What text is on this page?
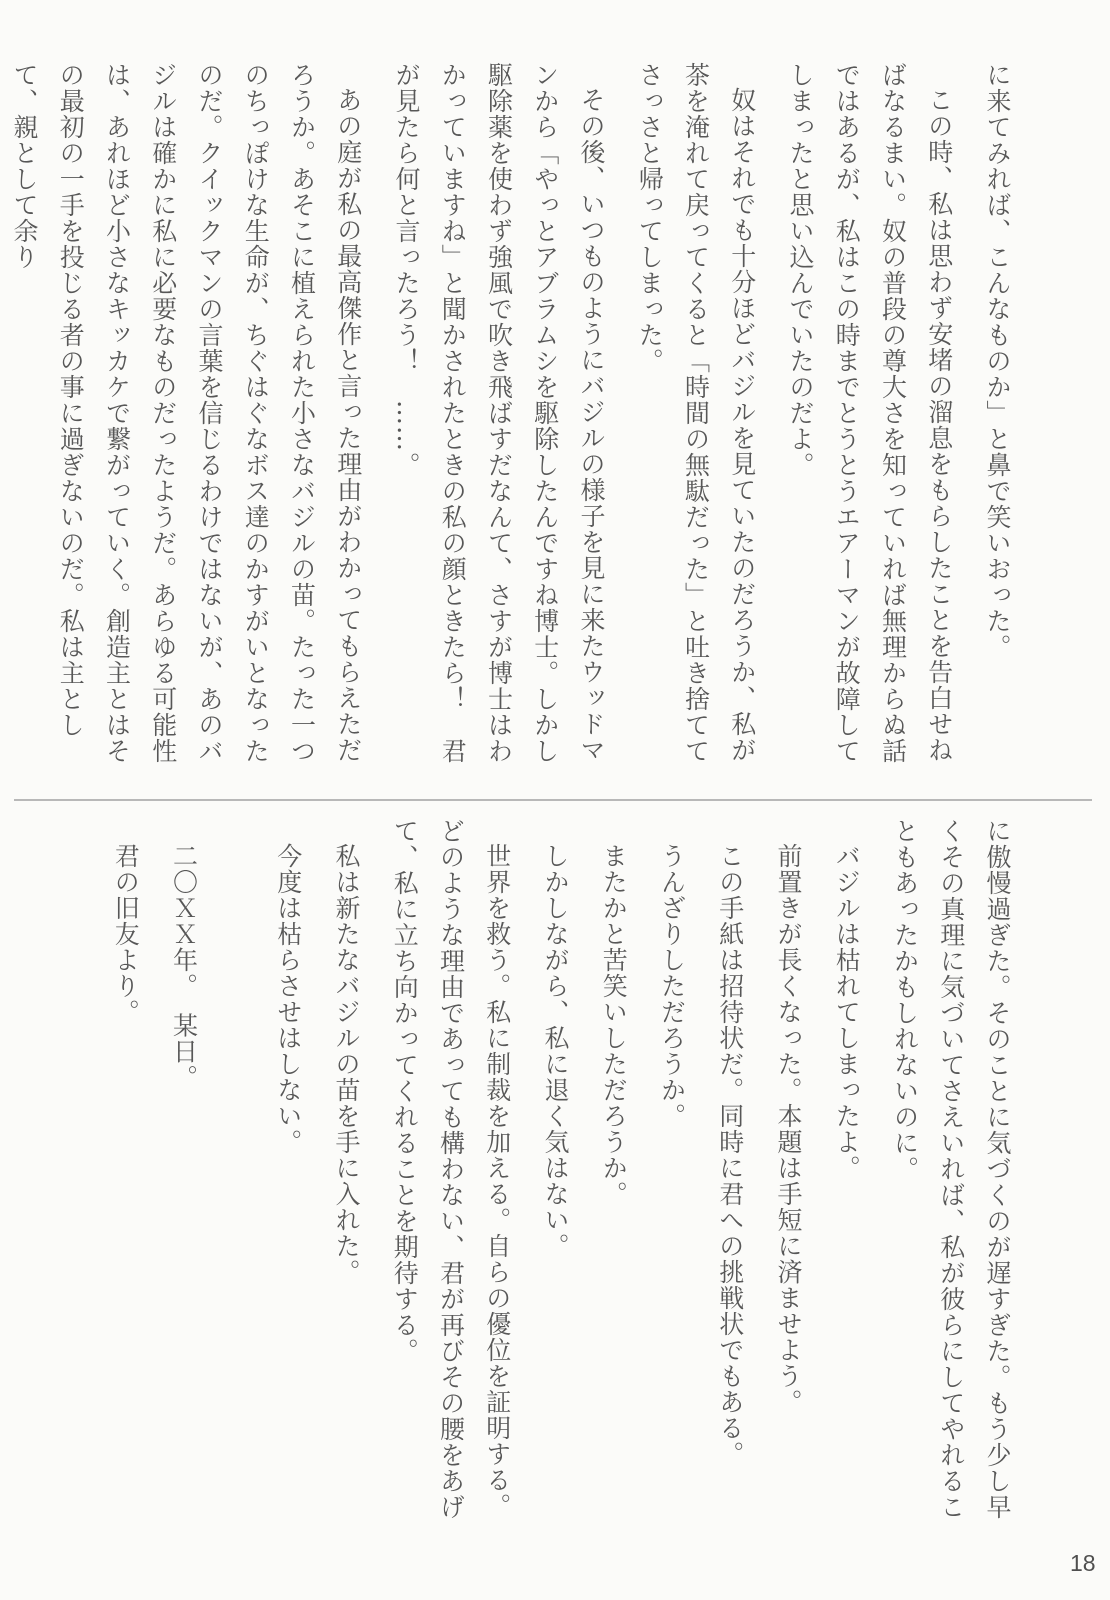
に来てみれば、こんなものか」と鼻で笑いおった。

この時、私は思わず安堵の溜息をもらしたことを告白せねばなるまい。奴の普段の尊大さを知っていれば無理からぬ話ではあるが、私はこの時までとうとうエアーマンが故障してしまったと思い込んでいたのだよ。

奴はそれでも十分ほどバジルを見ていたのだろうか、私が茶を淹れて戻ってくると「時間の無駄だった」と吐き捨ててさっさと帰ってしまった。

その後、いつものようにバジルの様子を見に来たウッドマンから「やっとアブラムシを駆除したんですね博士。しかし駆除薬を使わず強風で吹き飛ばすだなんて、さすが博士はわかっていますね」と聞かされたときの私の顔ときたら！　君が見たら何と言ったろう！　……。

あの庭が私の最高傑作と言った理由がわかってもらえただろうか。あそこに植えられた小さなバジルの苗。たった一つのちっぽけな生命が、ちぐはぐなボス達のかすがいとなったのだ。クイックマンの言葉を信じるわけではないが、あのバジルは確かに私に必要なものだったようだ。あらゆる可能性は、あれほど小さなキッカケで繋がっていく。創造主とはその最初の一手を投じる者の事に過ぎないのだ。私は主として、親として余り

に傲慢過ぎた。そのことに気づくのが遅すぎた。もう少し早くその真理に気づいてさえいれば、私が彼らにしてやれることもあったかもしれないのに。

バジルは枯れてしまったよ。

前置きが長くなった。本題は手短に済ませよう。

この手紙は招待状だ。同時に君への挑戦状でもある。

うんざりしただろうか。

またかと苦笑いしただろうか。

しかしながら、私に退く気はない。

世界を救う。私に制裁を加える。自らの優位を証明する。どのような理由であっても構わない、君が再びその腰をあげて、私に立ち向かってくれることを期待する。

私は新たなバジルの苗を手に入れた。

今度は枯らさせはしない。

二〇ＸＸ年。　某日。

君の旧友より。

18
